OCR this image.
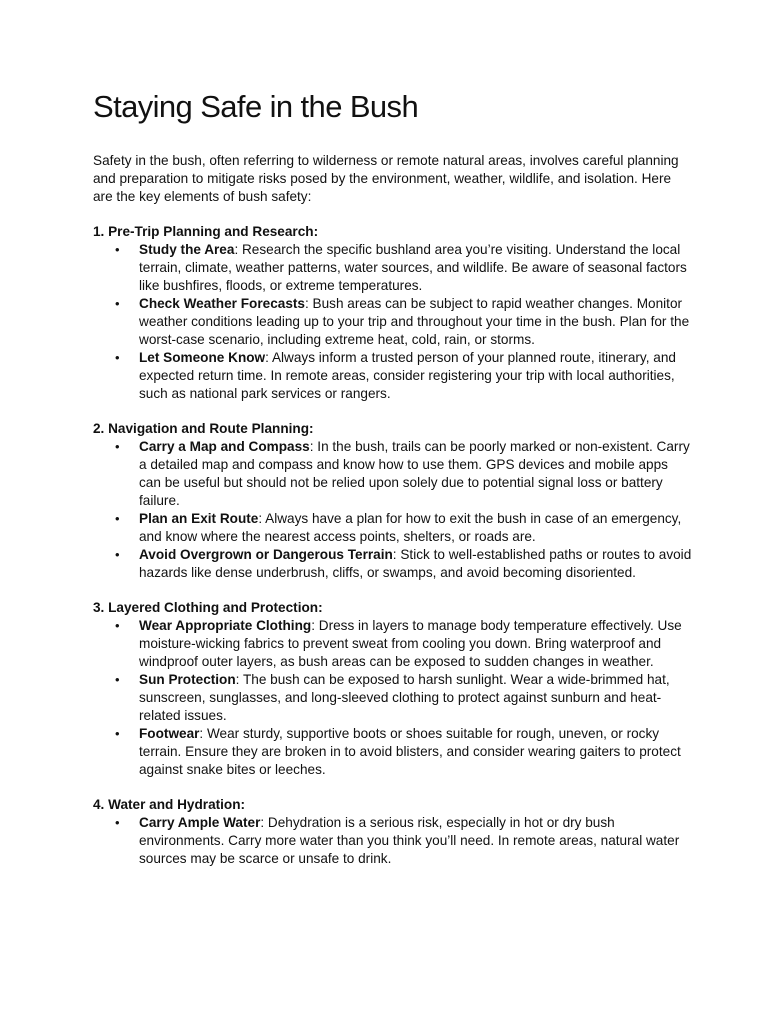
Staying Safe in the Bush

Safety in the bush, often referring to wilderness or remote natural areas, involves careful planning and preparation to mitigate risks posed by the environment, weather, wildlife, and isolation. Here are the key elements of bush safety:

1. Pre-Trip Planning and Research:

• Study the Area: Research the specific bushland area you’re visiting. Understand the local terrain, climate, weather patterns, water sources, and wildlife. Be aware of seasonal factors like bushfires, floods, or extreme temperatures.
• Check Weather Forecasts: Bush areas can be subject to rapid weather changes. Monitor weather conditions leading up to your trip and throughout your time in the bush. Plan for the worst-case scenario, including extreme heat, cold, rain, or storms.
• Let Someone Know: Always inform a trusted person of your planned route, itinerary, and expected return time. In remote areas, consider registering your trip with local authorities, such as national park services or rangers.

2. Navigation and Route Planning:

• Carry a Map and Compass: In the bush, trails can be poorly marked or non-existent. Carry a detailed map and compass and know how to use them. GPS devices and mobile apps can be useful but should not be relied upon solely due to potential signal loss or battery failure.
• Plan an Exit Route: Always have a plan for how to exit the bush in case of an emergency, and know where the nearest access points, shelters, or roads are.
• Avoid Overgrown or Dangerous Terrain: Stick to well-established paths or routes to avoid hazards like dense underbrush, cliffs, or swamps, and avoid becoming disoriented.

3. Layered Clothing and Protection:

• Wear Appropriate Clothing: Dress in layers to manage body temperature effectively. Use moisture-wicking fabrics to prevent sweat from cooling you down. Bring waterproof and windproof outer layers, as bush areas can be exposed to sudden changes in weather.
• Sun Protection: The bush can be exposed to harsh sunlight. Wear a wide-brimmed hat, sunscreen, sunglasses, and long-sleeved clothing to protect against sunburn and heat-related issues.
• Footwear: Wear sturdy, supportive boots or shoes suitable for rough, uneven, or rocky terrain. Ensure they are broken in to avoid blisters, and consider wearing gaiters to protect against snake bites or leeches.

4. Water and Hydration:

• Carry Ample Water: Dehydration is a serious risk, especially in hot or dry bush environments. Carry more water than you think you’ll need. In remote areas, natural water sources may be scarce or unsafe to drink.
